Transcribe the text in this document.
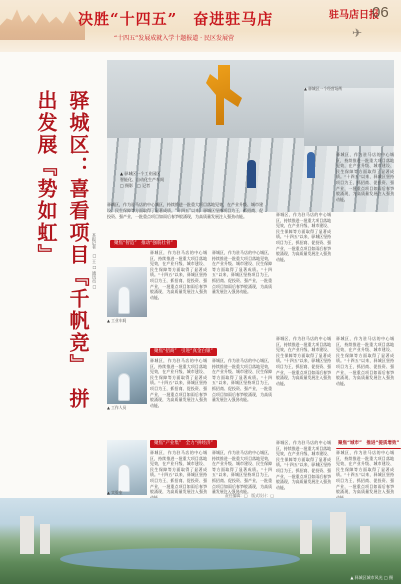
决胜“十四五”　奋进驻马店	驻马店日报
06
“十四五”发展成就入学十题报道 · 民区发展营	✈
驿城区：喜看项目『千帆竞』　拼出发展『势如虹』	本报记者　□ 王 □ 通讯员 □
▲ 驿城区一个工业园区
智能化、自动化生产车间
□ 摄影　□ 记者
▲ 驿城区一个经营场所
驿城区，作为驻马店的中心城区，持续推进一批重大项目落地见效，在产业升级、城市建设、民生保障等方面取得了显著成绩。“十四五”以来，驿城区坚持项目为王，抓招商、促投资、强产业，一批重点项目如雨后春笋般涌现，为高质量发展注入强劲动能。
聚焦“智造”　推动“强筋壮骨”
驿城区，作为驻马店的中心城区，持续推进一批重大项目落地见效，在产业升级、城市建设、民生保障等方面取得了显著成绩。“十四五”以来，驿城区坚持项目为王，抓招商、促投资、强产业，一批重点项目如雨后春笋般涌现，为高质量发展注入强劲动能。
驿城区，作为驻马店的中心城区，持续推进一批重大项目落地见效，在产业升级、城市建设、民生保障等方面取得了显著成绩。“十四五”以来，驿城区坚持项目为王，抓招商、促投资、强产业，一批重点项目如雨后春笋般涌现，为高质量发展注入强劲动能。
驿城区，作为驻马店的中心城区，持续推进一批重大项目落地见效，在产业升级、城市建设、民生保障等方面取得了显著成绩。“十四五”以来，驿城区坚持项目为王，抓招商、促投资、强产业，一批重点项目如雨后春笋般涌现，为高质量发展注入强劲动能。
驿城区，作为驻马店的中心城区，持续推进一批重大项目落地见效，在产业升级、城市建设、民生保障等方面取得了显著成绩。“十四五”以来，驿城区坚持项目为王，抓招商、促投资、强产业，一批重点项目如雨后春笋般涌现，为高质量发展注入强劲动能。
▲ 工业车间
聚焦“招商”　引进“真金白银”
驿城区，作为驻马店的中心城区，持续推进一批重大项目落地见效，在产业升级、城市建设、民生保障等方面取得了显著成绩。“十四五”以来，驿城区坚持项目为王，抓招商、促投资、强产业，一批重点项目如雨后春笋般涌现，为高质量发展注入强劲动能。
驿城区，作为驻马店的中心城区，持续推进一批重大项目落地见效，在产业升级、城市建设、民生保障等方面取得了显著成绩。“十四五”以来，驿城区坚持项目为王，抓招商、促投资、强产业，一批重点项目如雨后春笋般涌现，为高质量发展注入强劲动能。
驿城区，作为驻马店的中心城区，持续推进一批重大项目落地见效，在产业升级、城市建设、民生保障等方面取得了显著成绩。“十四五”以来，驿城区坚持项目为王，抓招商、促投资、强产业，一批重点项目如雨后春笋般涌现，为高质量发展注入强劲动能。
驿城区，作为驻马店的中心城区，持续推进一批重大项目落地见效，在产业升级、城市建设、民生保障等方面取得了显著成绩。“十四五”以来，驿城区坚持项目为王，抓招商、促投资、强产业，一批重点项目如雨后春笋般涌现，为高质量发展注入强劲动能。
▲ 工作人员
聚焦“产业集”　全力“拼经济”
驿城区，作为驻马店的中心城区，持续推进一批重大项目落地见效，在产业升级、城市建设、民生保障等方面取得了显著成绩。“十四五”以来，驿城区坚持项目为王，抓招商、促投资、强产业，一批重点项目如雨后春笋般涌现，为高质量发展注入强劲
驿城区，作为驻马店的中心城区，持续推进一批重大项目落地见效，在产业升级、城市建设、民生保障等方面取得了显著成绩。“十四五”以来，驿城区坚持项目为王，抓招商、促投资、强产业，一批重点项目如雨后春笋般涌现，为高质量发展注入强劲动能。
聚焦“城市”　推进“提质增效”
驿城区，作为驻马店的中心城区，持续推进一批重大项目落地见效，在产业升级、城市建设、民生保障等方面取得了显著成绩。“十四五”以来，驿城区坚持项目为王，抓招商、促投资、强产业，一批重点项目如雨后春笋般涌现，为高质量发展注入强劲动能。
驿城区，作为驻马店的中心城区，持续推进一批重大项目落地见效，在产业升级、城市建设、民生保障等方面取得了显著成绩。“十四五”以来，驿城区坚持项目为王，抓招商、促投资、强产业，一批重点项目如雨后春笋般涌现，为高质量发展注入强劲
▲ 实验室
责任编辑：□　版式设计：□
▲ 驿城区城市风光 □ 摄
